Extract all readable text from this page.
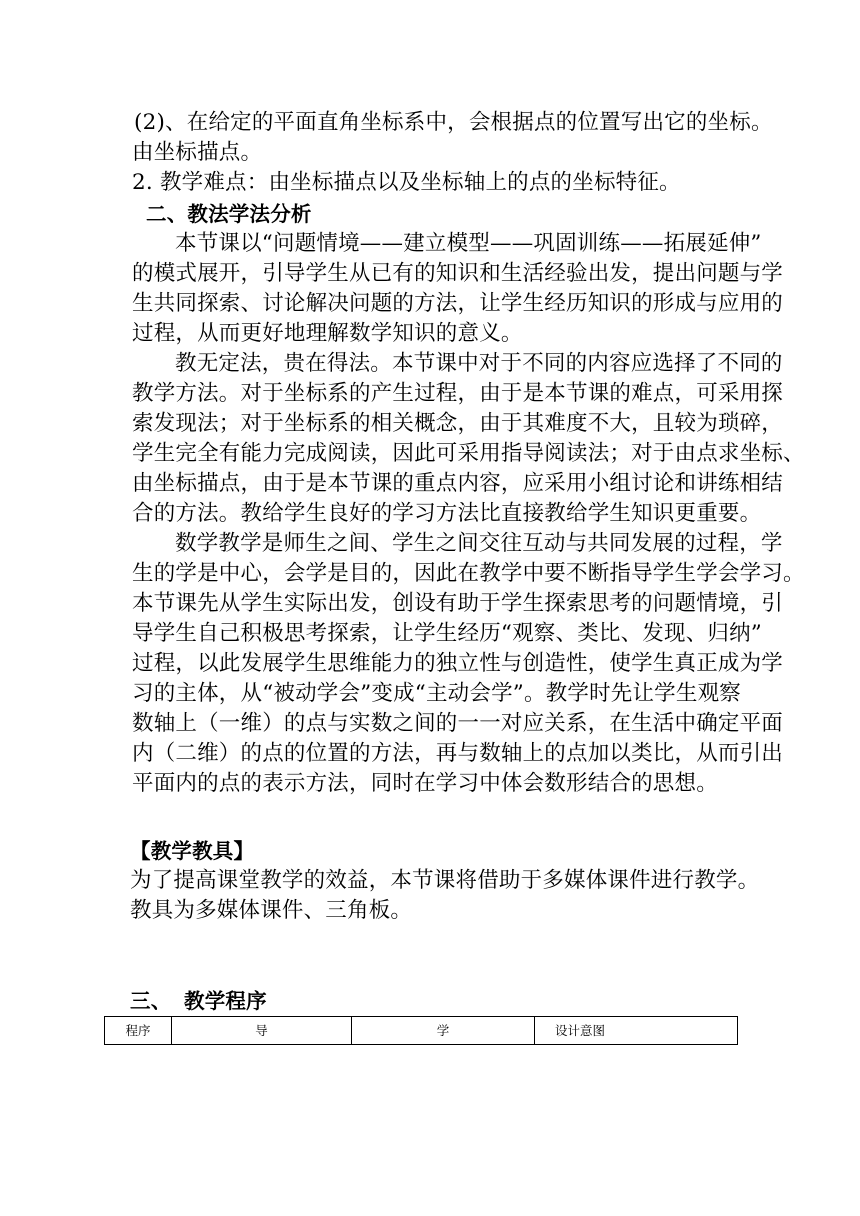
(2)、在给定的平面直角坐标系中，会根据点的位置写出它的坐标。
由坐标描点。
2. 教学难点：由坐标描点以及坐标轴上的点的坐标特征。
二、教法学法分析
本节课以“问题情境——建立模型——巩固训练——拓展延伸”
的模式展开，引导学生从已有的知识和生活经验出发，提出问题与学
生共同探索、讨论解决问题的方法，让学生经历知识的形成与应用的
过程，从而更好地理解数学知识的意义。
教无定法，贵在得法。本节课中对于不同的内容应选择了不同的
教学方法。对于坐标系的产生过程，由于是本节课的难点，可采用探
索发现法；对于坐标系的相关概念，由于其难度不大，且较为琐碎，
学生完全有能力完成阅读，因此可采用指导阅读法；对于由点求坐标、
由坐标描点，由于是本节课的重点内容，应采用小组讨论和讲练相结
合的方法。教给学生良好的学习方法比直接教给学生知识更重要。
数学教学是师生之间、学生之间交往互动与共同发展的过程，学
生的学是中心，会学是目的，因此在教学中要不断指导学生学会学习。
本节课先从学生实际出发，创设有助于学生探索思考的问题情境，引
导学生自己积极思考探索，让学生经历“观察、类比、发现、归纳”
过程，以此发展学生思维能力的独立性与创造性，使学生真正成为学
习的主体，从“被动学会”变成“主动会学”。教学时先让学生观察
数轴上（一维）的点与实数之间的一一对应关系，在生活中确定平面
内（二维）的点的位置的方法，再与数轴上的点加以类比，从而引出
平面内的点的表示方法，同时在学习中体会数形结合的思想。
【教学教具】
为了提高课堂教学的效益，本节课将借助于多媒体课件进行教学。
教具为多媒体课件、三角板。
三、 教学程序
程序	导	学	设计意图
